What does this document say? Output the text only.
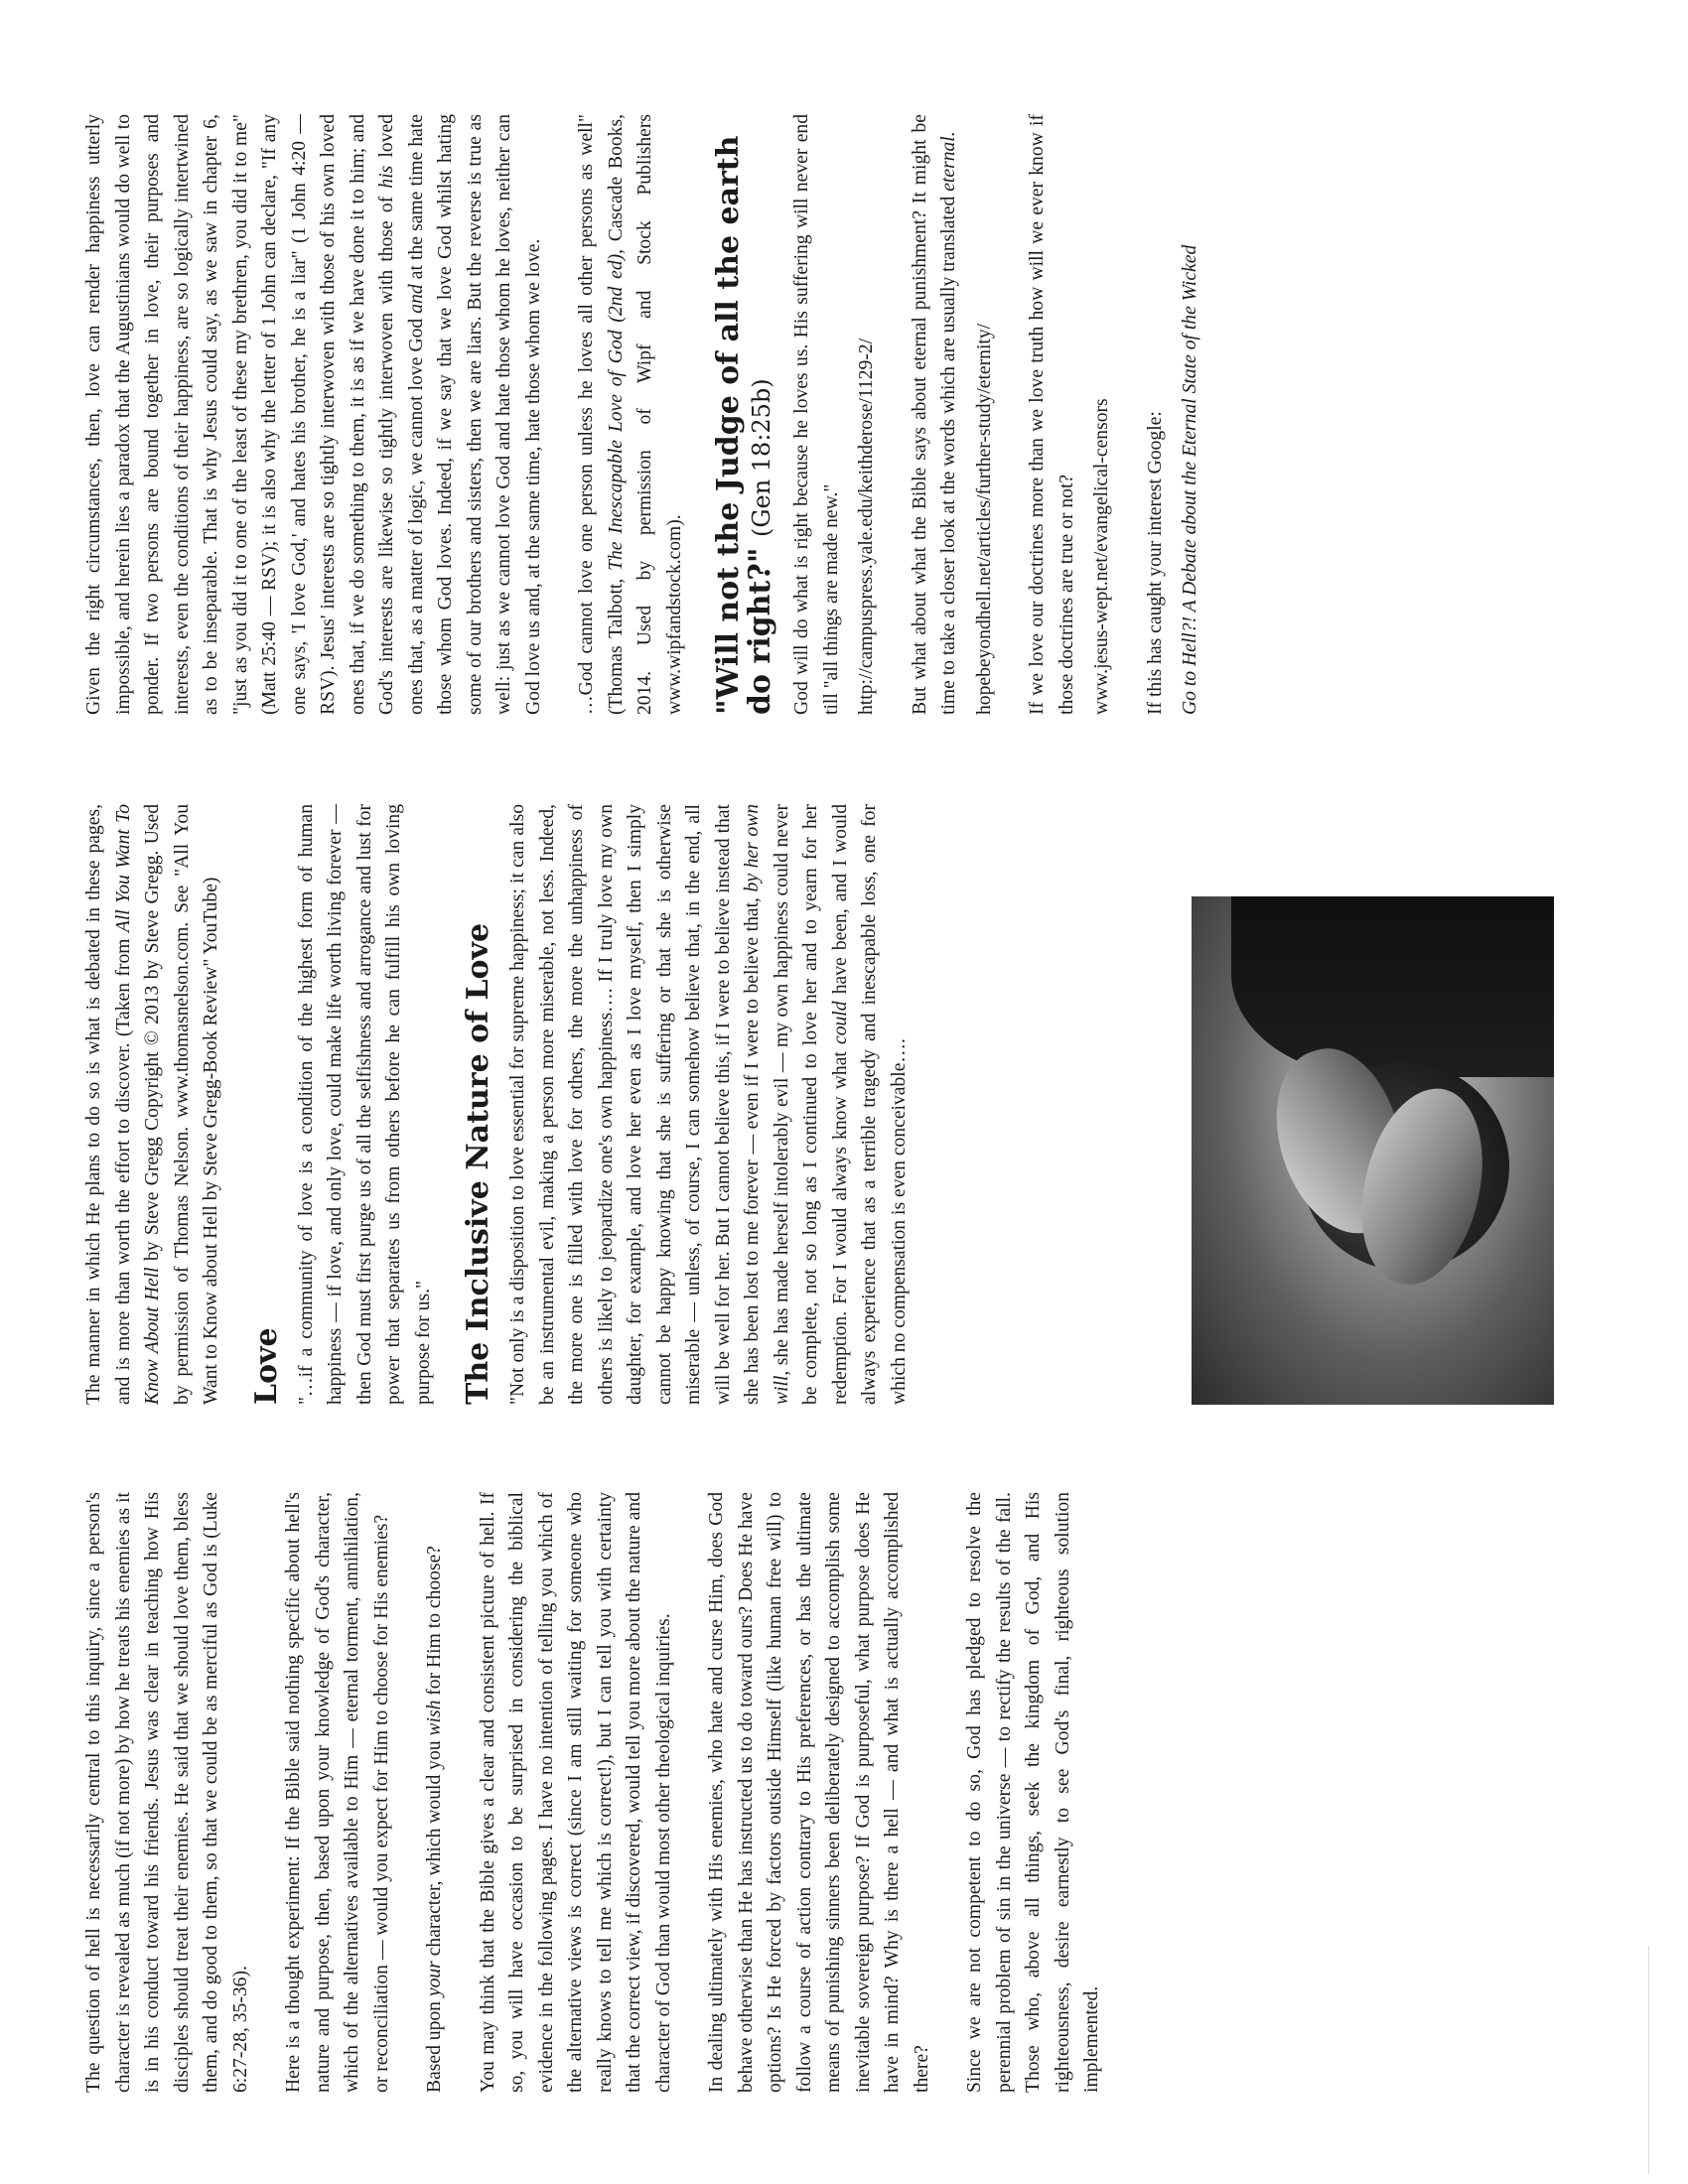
The question of hell is necessarily central to this inquiry, since a person's character is revealed as much (if not more) by how he treats his enemies as it is in his conduct toward his friends. Jesus was clear in teaching how His disciples should treat their enemies. He said that we should love them, bless them, and do good to them, so that we could be as merciful as God is (Luke 6:27-28, 35-36). Here is a thought experiment: If the Bible said nothing specific about hell's nature and purpose, then, based upon your knowledge of God's character, which of the alternatives available to Him — eternal torment, annihilation, or reconciliation — would you expect for Him to choose for His enemies? Based upon your character, which would you wish for Him to choose? You may think that the Bible gives a clear and consistent picture of hell. If so, you will have occasion to be surprised in considering the biblical evidence in the following pages. I have no intention of telling you which of the alternative views is correct (since I am still waiting for someone who really knows to tell me which is correct!), but I can tell you with certainty that the correct view, if discovered, would tell you more about the nature and character of God than would most other theological inquiries. In dealing ultimately with His enemies, who hate and curse Him, does God behave otherwise than He has instructed us to do toward ours? Does He have options? Is He forced by factors outside Himself (like human free will) to follow a course of action contrary to His preferences, or has the ultimate means of punishing sinners been deliberately designed to accomplish some inevitable sovereign purpose? If God is purposeful, what purpose does He have in mind? Why is there a hell — and what is actually accomplished there? Since we are not competent to do so, God has pledged to resolve the perennial problem of sin in the universe — to rectify the results of the fall. Those who, above all things, seek the kingdom of God, and His righteousness, desire earnestly to see God's final, righteous solution implemented.

The manner in which He plans to do so is what is debated in these pages, and is more than worth the effort to discover. (Taken from All You Want To Know About Hell by Steve Gregg Copyright © 2013 by Steve Gregg. Used by permission of Thomas Nelson. www.thomasnelson.com. See "All You Want to Know about Hell by Steve Gregg-Book Review" YouTube) Love "…if a community of love is a condition of the highest form of human happiness — if love, and only love, could make life worth living forever — then God must first purge us of all the selfishness and arrogance and lust for power that separates us from others before he can fulfill his own loving purpose for us." The Inclusive Nature of Love "Not only is a disposition to love essential for supreme happiness; it can also be an instrumental evil, making a person more miserable, not less. Indeed, the more one is filled with love for others, the more the unhappiness of others is likely to jeopardize one's own happiness…. If I truly love my own daughter, for example, and love her even as I love myself, then I simply cannot be happy knowing that she is suffering or that she is otherwise miserable — unless, of course, I can somehow believe that, in the end, all will be well for her. But I cannot believe this, if I were to believe instead that she has been lost to me forever — even if I were to believe that, by her own will, she has made herself intolerably evil — my own happiness could never be complete, not so long as I continued to love her and to yearn for her redemption. For I would always know what could have been, and I would always experience that as a terrible tragedy and inescapable loss, one for which no compensation is even conceivable….

Given the right circumstances, then, love can render happiness utterly impossible, and herein lies a paradox that the Augustinians would do well to ponder. If two persons are bound together in love, their purposes and interests, even the conditions of their happiness, are so logically intertwined as to be inseparable. That is why Jesus could say, as we saw in chapter 6, "just as you did it to one of the least of these my brethren, you did it to me" (Matt 25:40 — RSV); it is also why the letter of 1 John can declare, "If any one says, 'I love God,' and hates his brother, he is a liar" (1 John 4:20 — RSV). Jesus' interests are so tightly interwoven with those of his own loved ones that, if we do something to them, it is as if we have done it to him; and God's interests are likewise so tightly interwoven with those of his loved ones that, as a matter of logic, we cannot love God and at the same time hate those whom God loves. Indeed, if we say that we love God whilst hating some of our brothers and sisters, then we are liars. But the reverse is true as well: just as we cannot love God and hate those whom he loves, neither can God love us and, at the same time, hate those whom we love. …God cannot love one person unless he loves all other persons as well" (Thomas Talbott, The Inescapable Love of God (2nd ed), Cascade Books, 2014. Used by permission of Wipf and Stock Publishers www.wipfandstock.com). "Will not the Judge of all the earth do right?" (Gen 18:25b) God will do what is right because he loves us. His suffering will never end till "all things are made new." http://campuspress.yale.edu/keithderose/1129-2/ But what about what the Bible says about eternal punishment? It might be time to take a closer look at the words which are usually translated eternal.

hopebeyondhell.net/articles/further-study/eternity/ If we love our doctrines more than we love truth how will we ever know if those doctrines are true or not? www.jesus-wept.net/evangelical-censors If this has caught your interest Google: Go to Hell?! A Debate about the Eternal State of the Wicked
